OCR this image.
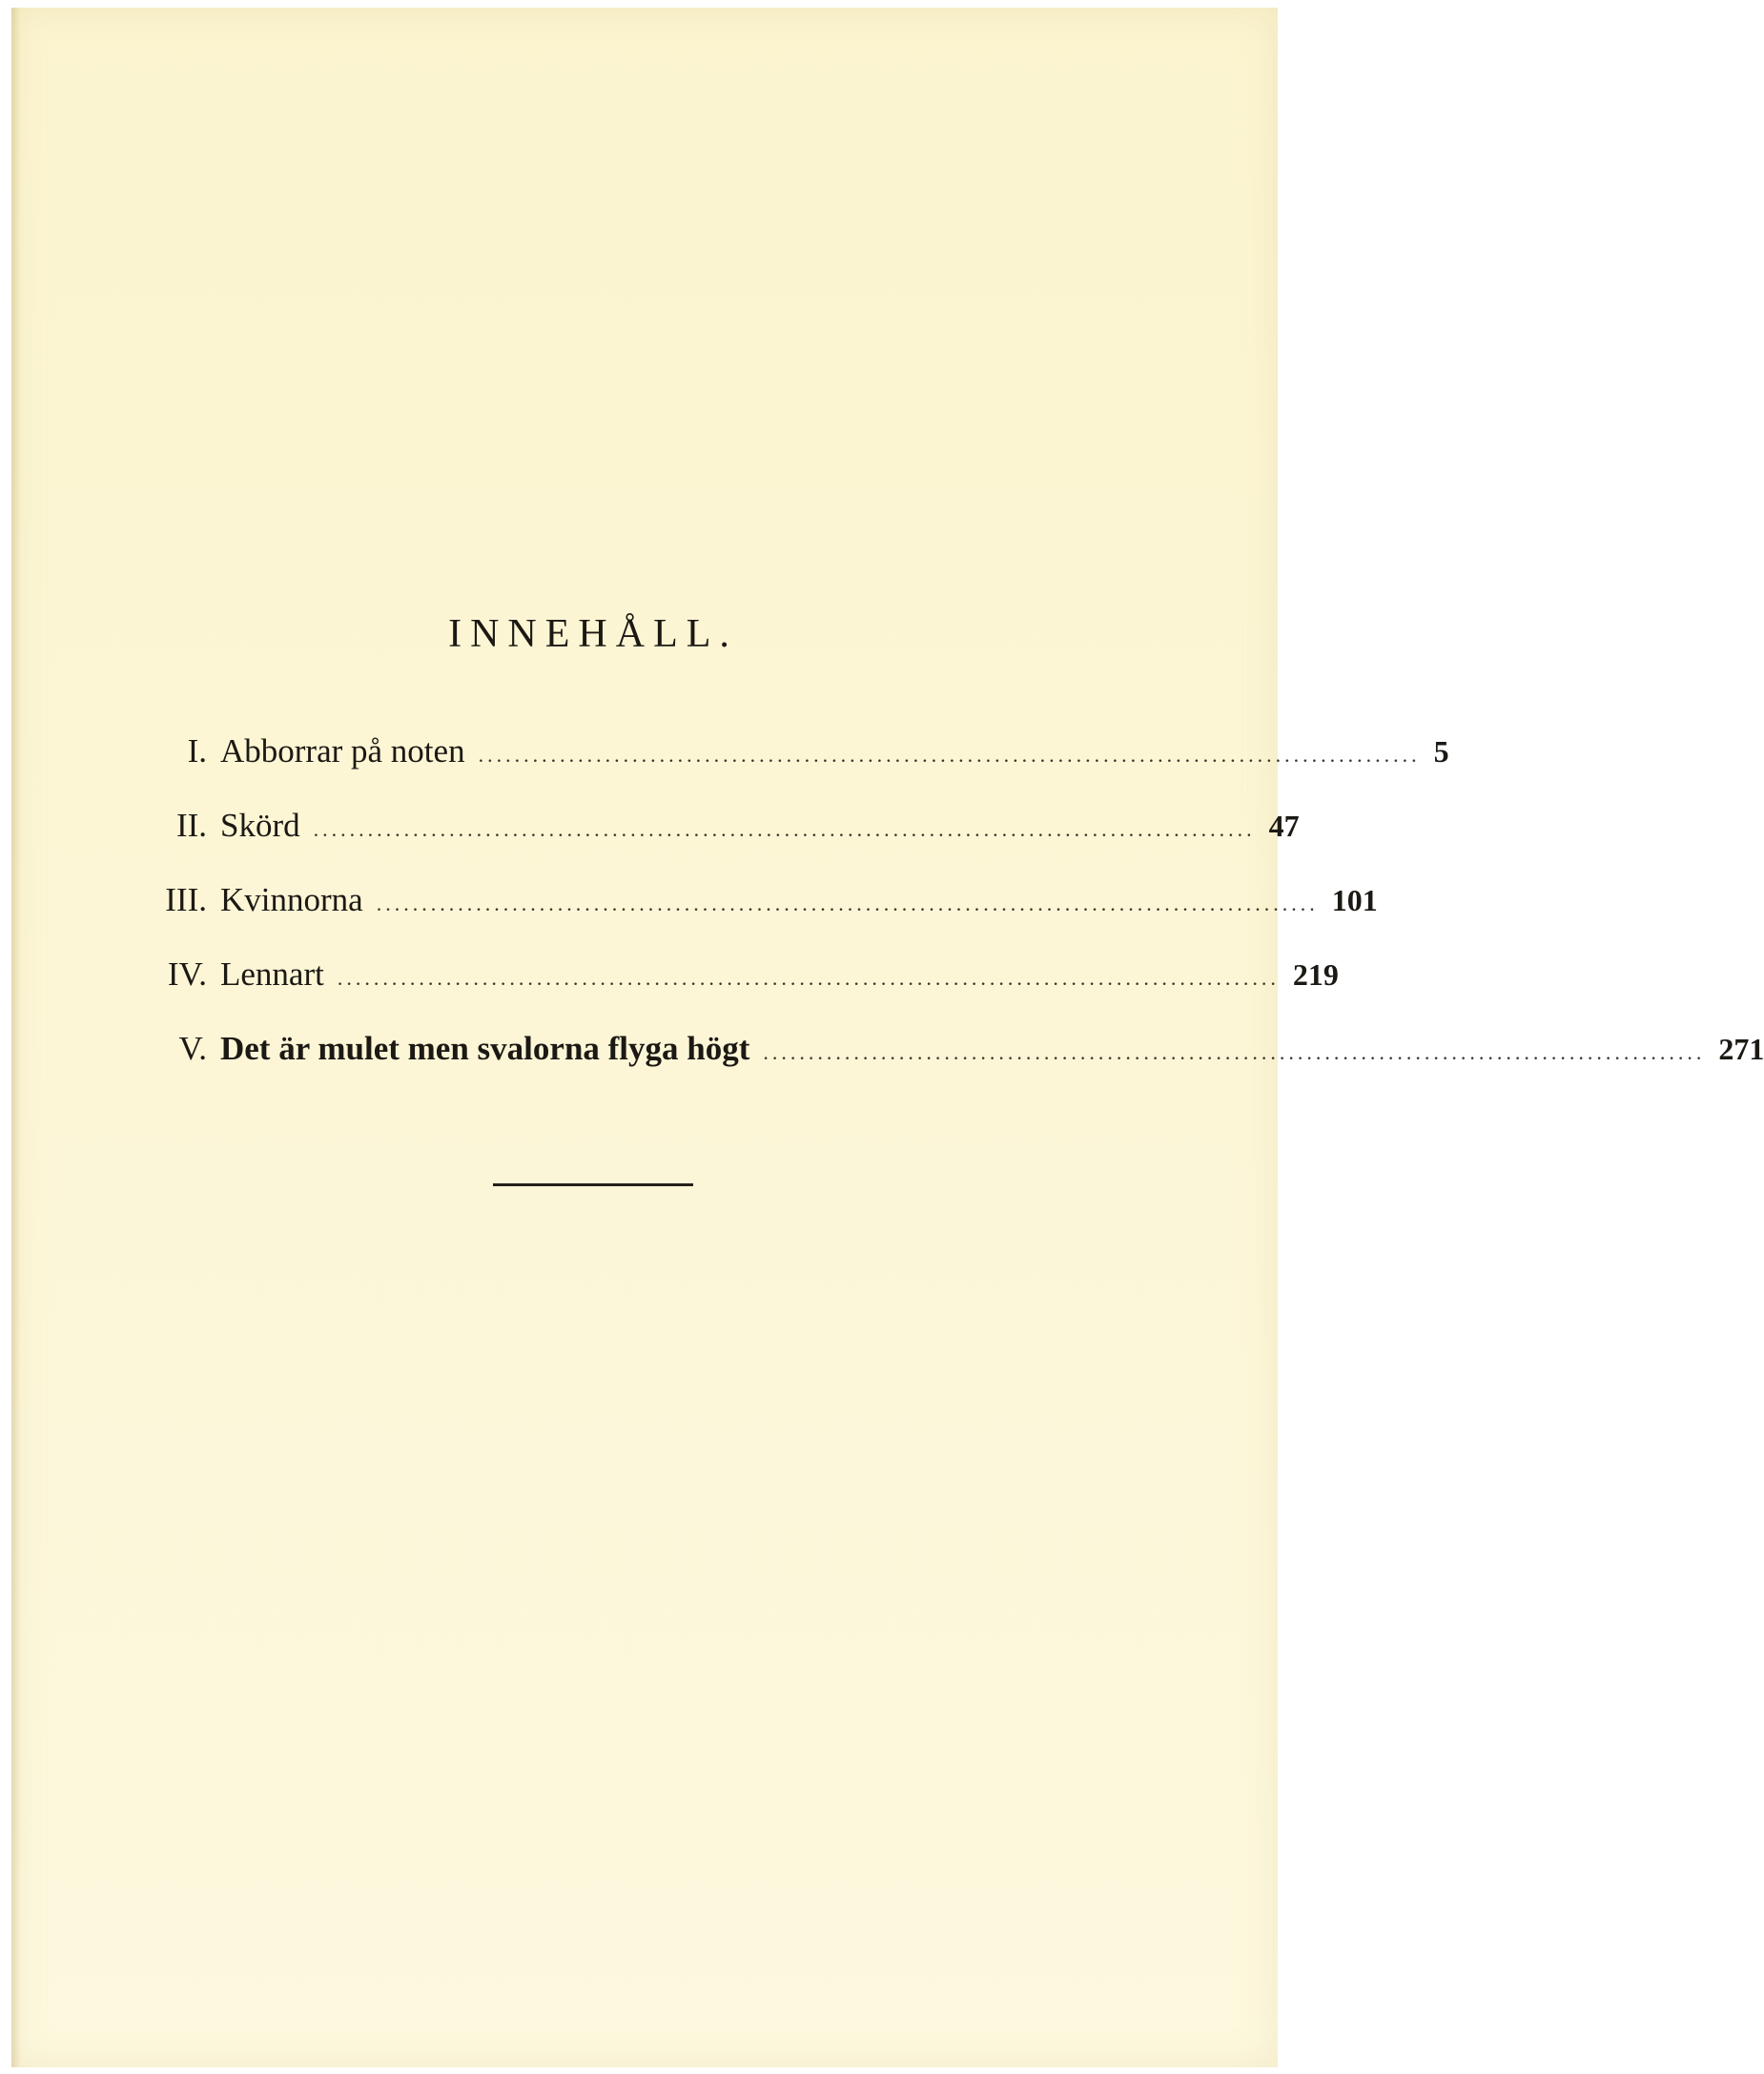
INNEHÅLL.
I. Abborrar på noten ........................................................................................................ 5
II. Skörd ........................................................................................................ 47
III. Kvinnorna ........................................................................................................ 101
IV. Lennart ........................................................................................................ 219
V. Det är mulet men svalorna flyga högt ........................................................................................................ 271
